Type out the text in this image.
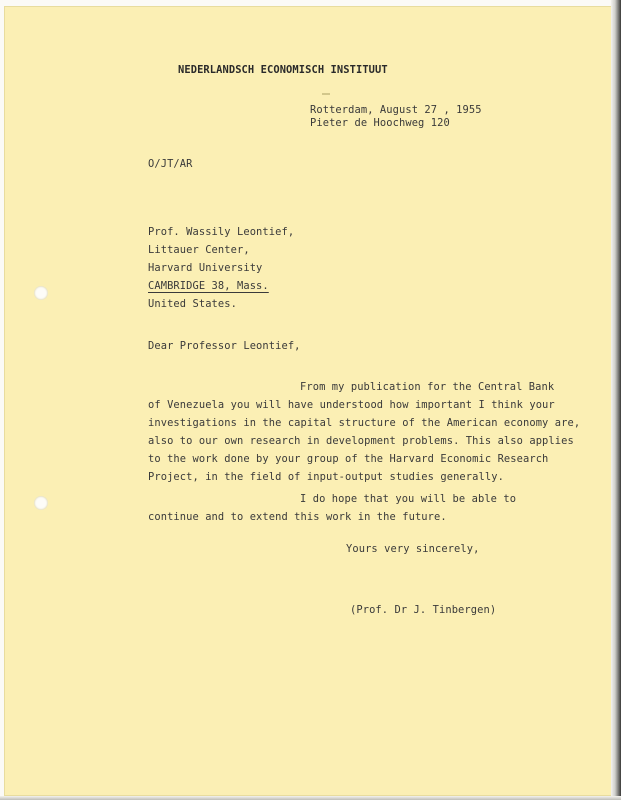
NEDERLANDSCH ECONOMISCH INSTITUUT
Rotterdam, August 27 , 1955
Pieter de Hoochweg 120
O/JT/AR
Prof. Wassily Leontief,
Littauer Center,
Harvard University
CAMBRIDGE 38, Mass.
United States.
Dear Professor Leontief,
From my publication for the Central Bank
of Venezuela you will have understood how important I think your
investigations in the capital structure of the American economy are,
also to our own research in development problems. This also applies
to the work done by your group of the Harvard Economic Research
Project, in the field of input-output studies generally.
I do hope that you will be able to
continue and to extend this work in the future.
Yours very sincerely,
(Prof. Dr J. Tinbergen)
